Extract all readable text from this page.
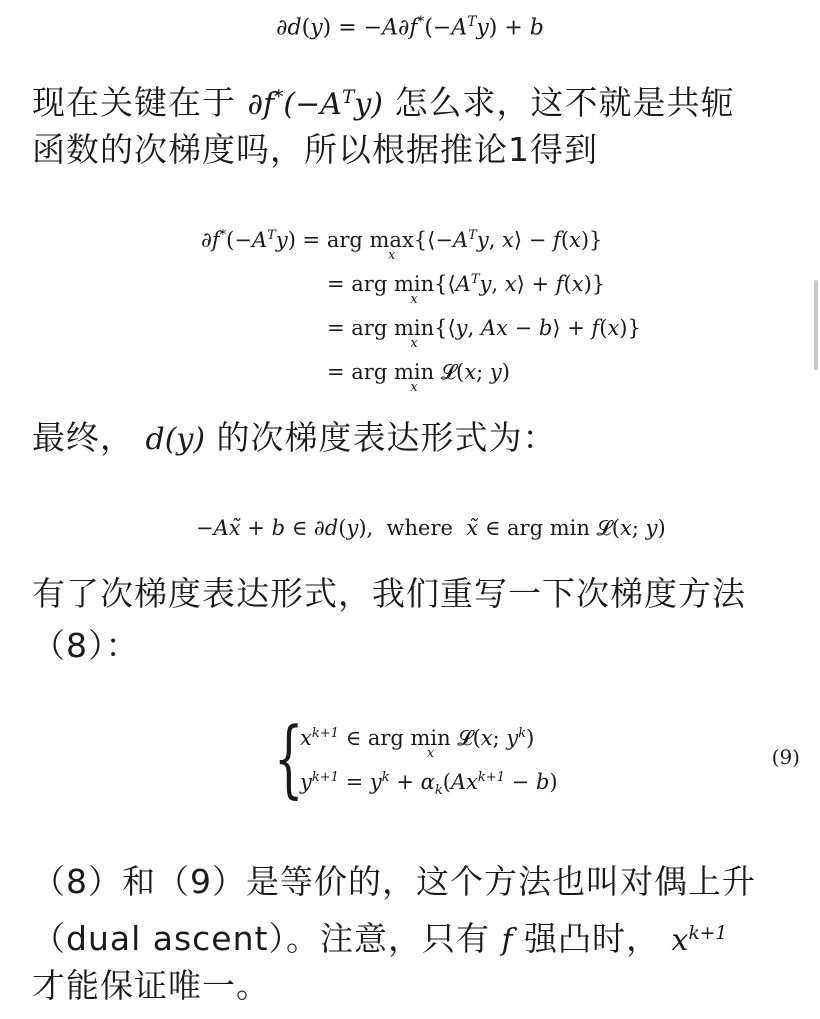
$\partial d(y) = -A\partial f^*(-A^Ty) + b$
现在关键在于 $\partial f^*(-A^Ty)$ 怎么求，这不就是共轭
函数的次梯度吗，所以根据推论1得到
$\partial f^*(-A^Ty)$ = arg max
x
{$⟨-A^Ty$, x⟩ − f(x)}
= arg min
x
{$⟨A^Ty$, x⟩ + f(x)}
= arg min
x
{⟨y, Ax − b⟩ + f(x)}
= arg min
x
𝓛(x; y)
最终， d(y) 的次梯度表达形式为：
−Ax̃ + b ∈ ∂d(y),  where  x̃ ∈ arg min 𝓛(x; y)
有了次梯度表达形式，我们重写一下次梯度方法
（8）：
{
$x^{k+1}$ ∈ arg min
x
𝓛(x; $y^k$)
$y^{k+1} = y^k + \alpha_k(Ax^{k+1} - b)$
(9)
（8）和（9）是等价的，这个方法也叫对偶上升
（dual ascent）。注意，只有 f 强凸时， $x^{k+1}$
才能保证唯一。
